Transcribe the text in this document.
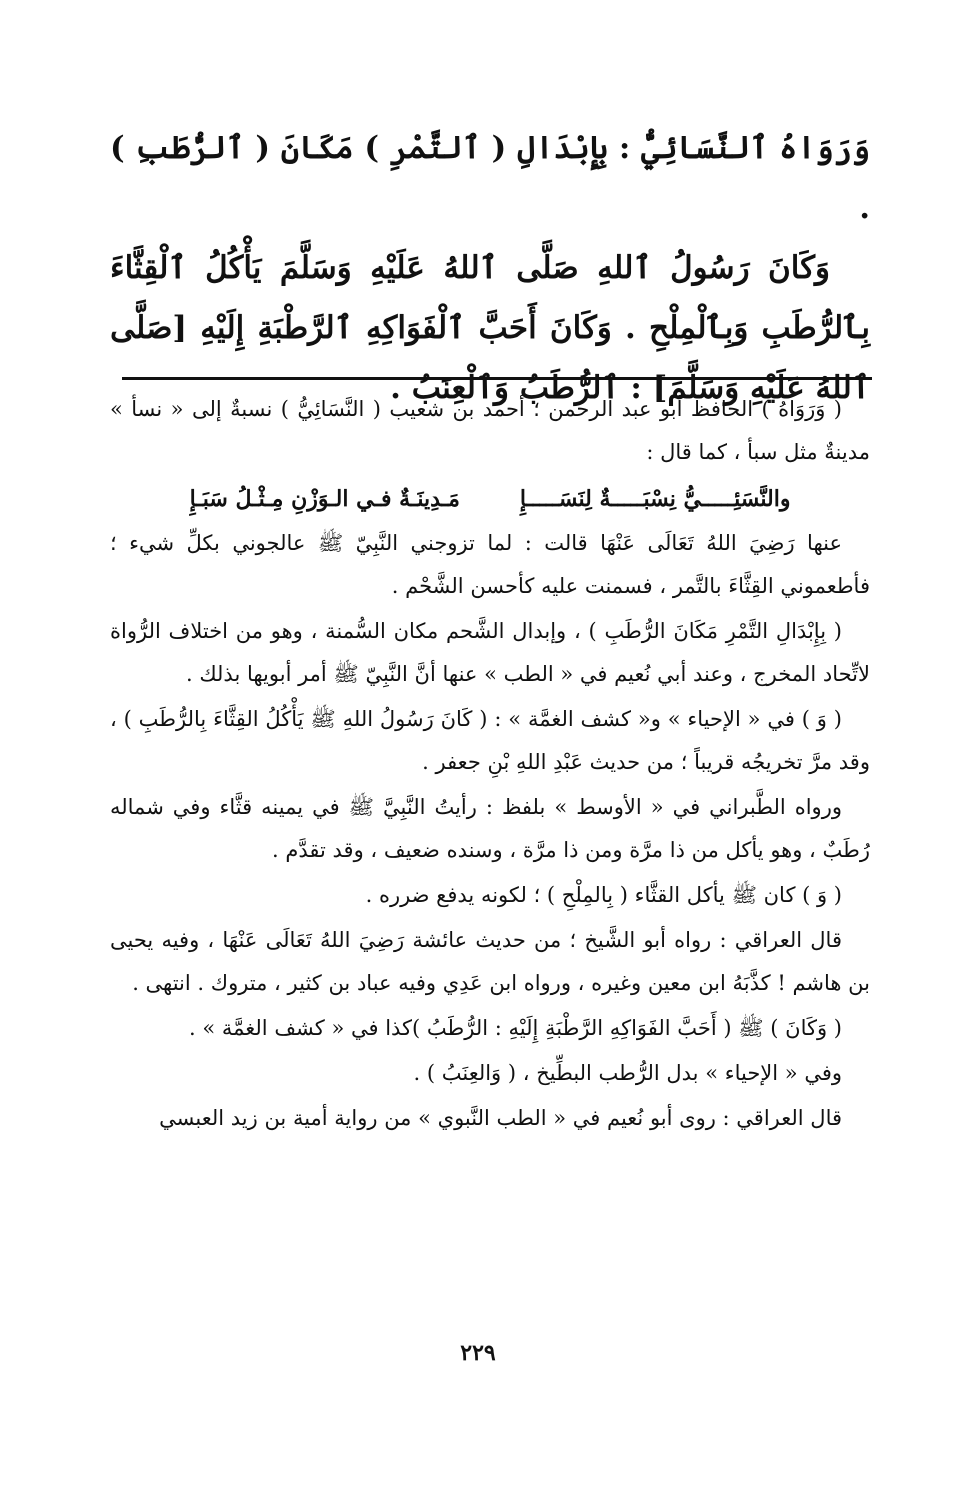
وَرَوَاهُ ٱلنَّسَائِيُّ : بِإِبْدَالِ ( ٱلتَّمْرِ ) مَكَانَ ( ٱلرُّطَبِ ) .

وَكَانَ رَسُولُ ٱللهِ صَلَّى ٱللهُ عَلَيْهِ وَسَلَّمَ يَأْكُلُ ٱلْقِثَّاءَ بِٱلرُّطَبِ وَبِٱلْمِلْحِ . وَكَانَ أَحَبَّ ٱلْفَوَاكِهِ ٱلرَّطْبَةِ إِلَيْهِ [صَلَّى ٱللهُ عَلَيْهِ وَسَلَّمَ] : ٱلرُّطَبُ وَٱلْعِنَبُ .

( وَرَوَاهُ ) الحافظ أبو عبد الرحمن ؛ أحمد بن شعيب ( النَّسَائِيُّ ) نسبةٌ إلى « نسأ » مدينةٌ مثل سبأ ، كما قال :

والنَّسَئِـــــيُّ نِسْبَـــــةٌ لِنَسَـــــإِ
مَـدِينَـةٌ فـي الـوَزْنِ مِـثْـلُ سَبَـإِ

عنها رَضِيَ اللهُ تَعَالَى عَنْهَا قالت : لما تزوجني النَّبِيّ ﷺ عالجوني بكلِّ شيء ؛ فأطعموني القِثَّاءَ بالتَّمر ، فسمنت عليه كأحسن الشَّحْم .

( بِإِبْدَالِ التَّمْرِ مَكَانَ الرُّطَبِ ) ، وإبدال الشَّحم مكان السُّمنة ، وهو من اختلاف الرُّواة لاتِّحاد المخرج ، وعند أبي نُعيم في « الطب » عنها أنَّ النَّبِيّ ﷺ أمر أبويها بذلك .

( وَ ) في « الإحياء » و« كشف الغمَّة » : ( كَانَ رَسُولُ اللهِ ﷺ يَأْكُلُ القِثَّاءَ بِالرُّطَبِ ) ، وقد مرَّ تخريجُه قريباً ؛ من حديث عَبْدِ اللهِ بْنِ جعفر .

ورواه الطَّبراني في « الأوسط » بلفظ : رأيتُ النَّبِيَّ ﷺ في يمينه قثَّاء وفي شماله رُطَبٌ ، وهو يأكل من ذا مرَّة ومن ذا مرَّة ، وسنده ضعيف ، وقد تقدَّم .

( وَ ) كان ﷺ يأكل القثَّاء ( بِالمِلْحِ ) ؛ لكونه يدفع ضرره .

قال العراقي : رواه أبو الشَّيخ ؛ من حديث عائشة رَضِيَ اللهُ تَعَالَى عَنْهَا ، وفيه يحيى بن هاشم ! كذَّبَهُ ابن معين وغيره ، ورواه ابن عَدِي وفيه عباد بن كثير ، متروك . انتهى .

( وَكَانَ ) ﷺ ( أَحَبَّ الفَوَاكِهِ الرَّطْبَةِ إِلَيْهِ : الرُّطَبُ )كذا في « كشف الغمَّة » .

وفي « الإحياء » بدل الرُّطب البطِّيخ ، ( وَالعِنَبُ ) .

قال العراقي : روى أبو نُعيم في « الطب النَّبوي » من رواية أمية بن زيد العبسي

٢٢٩
